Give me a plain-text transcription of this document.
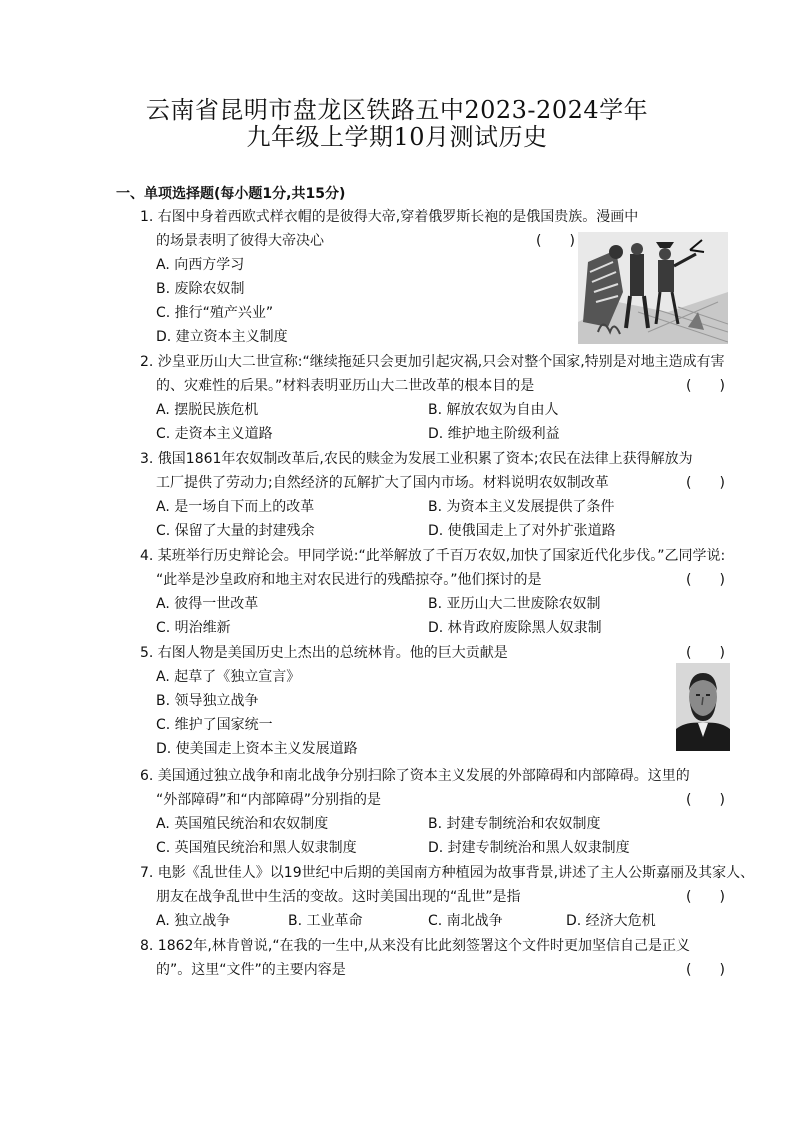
云南省昆明市盘龙区铁路五中2023-2024学年
九年级上学期10月测试历史
一、单项选择题(每小题1分,共15分)
1. 右图中身着西欧式样衣帽的是彼得大帝,穿着俄罗斯长袍的是俄国贵族。漫画中
的场景表明了彼得大帝决心	(　　)
A. 向西方学习
B. 废除农奴制
C. 推行“殖产兴业”
D. 建立资本主义制度
2. 沙皇亚历山大二世宣称:“继续拖延只会更加引起灾祸,只会对整个国家,特别是对地主造成有害
的、灾难性的后果。”材料表明亚历山大二世改革的根本目的是	(　　)
A. 摆脱民族危机	B. 解放农奴为自由人
C. 走资本主义道路	D. 维护地主阶级利益
3. 俄国1861年农奴制改革后,农民的赎金为发展工业积累了资本;农民在法律上获得解放为
工厂提供了劳动力;自然经济的瓦解扩大了国内市场。材料说明农奴制改革	(　　)
A. 是一场自下而上的改革	B. 为资本主义发展提供了条件
C. 保留了大量的封建残余	D. 使俄国走上了对外扩张道路
4. 某班举行历史辩论会。甲同学说:“此举解放了千百万农奴,加快了国家近代化步伐。”乙同学说:
“此举是沙皇政府和地主对农民进行的残酷掠夺。”他们探讨的是	(　　)
A. 彼得一世改革	B. 亚历山大二世废除农奴制
C. 明治维新	D. 林肯政府废除黑人奴隶制
5. 右图人物是美国历史上杰出的总统林肯。他的巨大贡献是	(　　)
A. 起草了《独立宣言》
B. 领导独立战争
C. 维护了国家统一
D. 使美国走上资本主义发展道路
6. 美国通过独立战争和南北战争分别扫除了资本主义发展的外部障碍和内部障碍。这里的
“外部障碍”和“内部障碍”分别指的是	(　　)
A. 英国殖民统治和农奴制度	B. 封建专制统治和农奴制度
C. 英国殖民统治和黑人奴隶制度	D. 封建专制统治和黑人奴隶制度
7. 电影《乱世佳人》以19世纪中后期的美国南方种植园为故事背景,讲述了主人公斯嘉丽及其家人、
朋友在战争乱世中生活的变故。这时美国出现的“乱世”是指	(　　)
A. 独立战争	B. 工业革命	C. 南北战争	D. 经济大危机
8. 1862年,林肯曾说,“在我的一生中,从来没有比此刻签署这个文件时更加坚信自己是正义
的”。这里“文件”的主要内容是	(　　)
